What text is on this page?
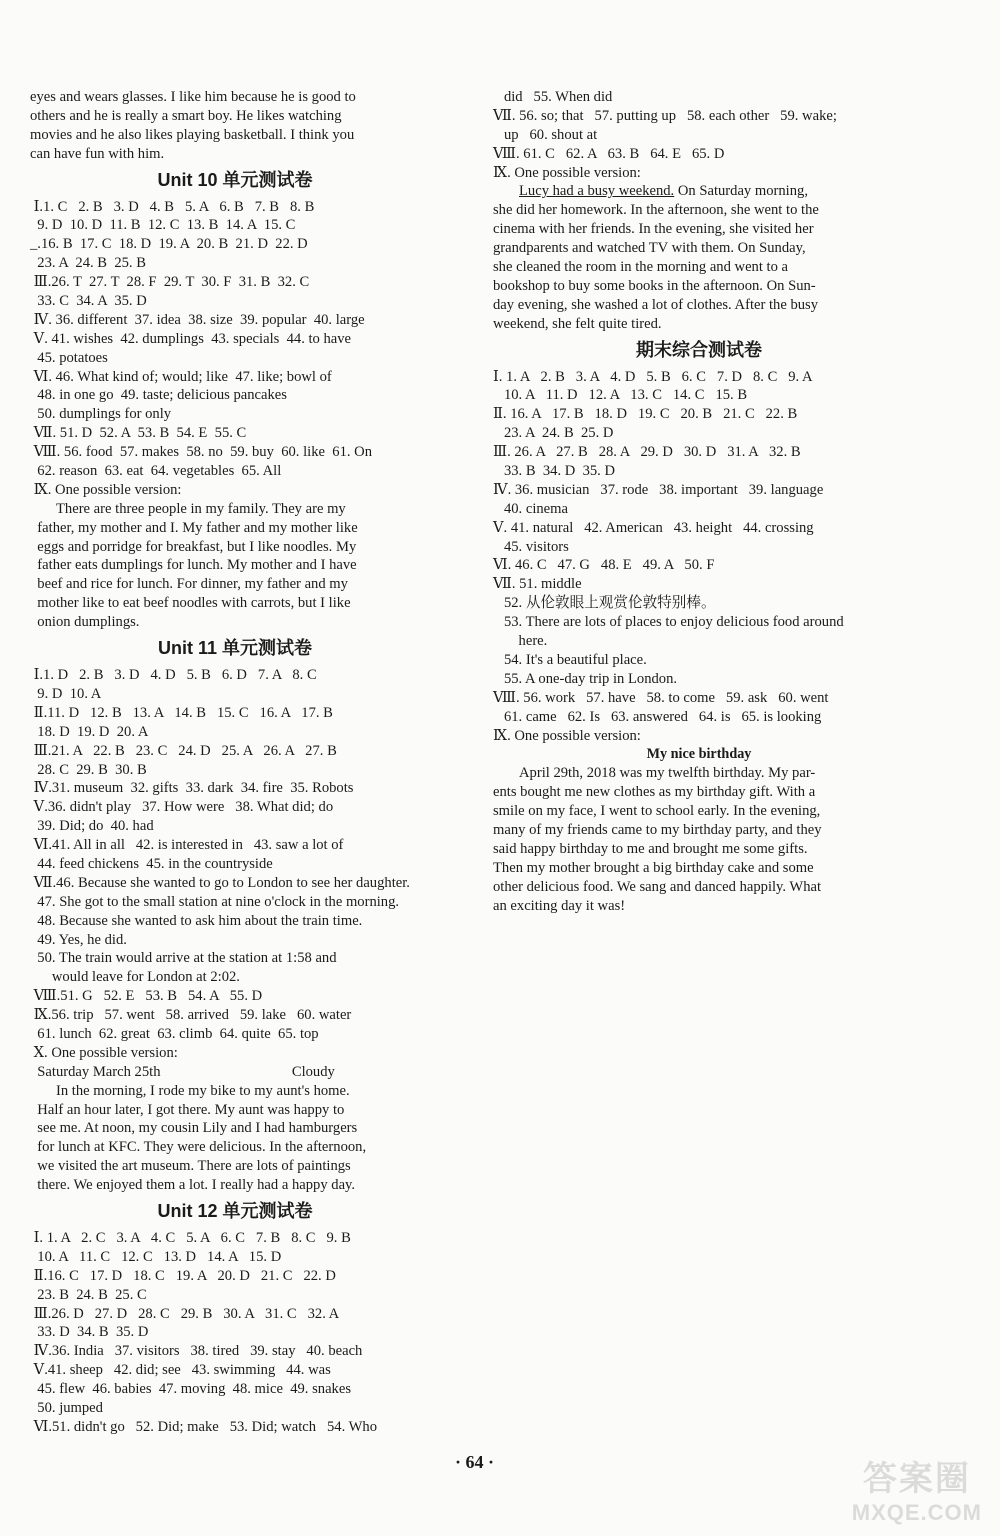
eyes and wears glasses. I like him because he is good to
others and he is really a smart boy. He likes watching
movies and he also likes playing basketball. I think you
can have fun with him.
Unit 10 单元测试卷
Ⅰ.1. C   2. B   3. D   4. B   5. A   6. B   7. B   8. B
9. D  10. D  11. B  12. C  13. B  14. A  15. C
_.16. B  17. C  18. D  19. A  20. B  21. D  22. D
23. A  24. B  25. B
Ⅲ.26. T  27. T  28. F  29. T  30. F  31. B  32. C
33. C  34. A  35. D
Ⅳ. 36. different  37. idea  38. size  39. popular  40. large
Ⅴ. 41. wishes  42. dumplings  43. specials  44. to have
45. potatoes
Ⅵ. 46. What kind of; would; like  47. like; bowl of
48. in one go  49. taste; delicious pancakes
50. dumplings for only
Ⅶ. 51. D  52. A  53. B  54. E  55. C
Ⅷ. 56. food  57. makes  58. no  59. buy  60. like  61. On
62. reason  63. eat  64. vegetables  65. All
Ⅸ. One possible version:
There are three people in my family. They are my
father, my mother and I. My father and my mother like
eggs and porridge for breakfast, but I like noodles. My
father eats dumplings for lunch. My mother and I have
beef and rice for lunch. For dinner, my father and my
mother like to eat beef noodles with carrots, but I like
onion dumplings.
Unit 11 单元测试卷
Ⅰ.1. D   2. B   3. D   4. D   5. B   6. D   7. A   8. C
9. D  10. A
Ⅱ.11. D   12. B   13. A   14. B   15. C   16. A   17. B
18. D  19. D  20. A
Ⅲ.21. A   22. B   23. C   24. D   25. A   26. A   27. B
28. C  29. B  30. B
Ⅳ.31. museum  32. gifts  33. dark  34. fire  35. Robots
Ⅴ.36. didn't play   37. How were   38. What did; do
39. Did; do  40. had
Ⅵ.41. All in all   42. is interested in   43. saw a lot of
44. feed chickens  45. in the countryside
Ⅶ.46. Because she wanted to go to London to see her daughter.
47. She got to the small station at nine o'clock in the morning.
48. Because she wanted to ask him about the train time.
49. Yes, he did.
50. The train would arrive at the station at 1:58 and
would leave for London at 2:02.
Ⅷ.51. G   52. E   53. B   54. A   55. D
Ⅸ.56. trip   57. went   58. arrived   59. lake   60. water
61. lunch  62. great  63. climb  64. quite  65. top
Ⅹ. One possible version:
Saturday March 25th                                    Cloudy
In the morning, I rode my bike to my aunt's home.
Half an hour later, I got there. My aunt was happy to
see me. At noon, my cousin Lily and I had hamburgers
for lunch at KFC. They were delicious. In the afternoon,
we visited the art museum. There are lots of paintings
there. We enjoyed them a lot. I really had a happy day.
Unit 12 单元测试卷
Ⅰ. 1. A   2. C   3. A   4. C   5. A   6. C   7. B   8. C   9. B
10. A   11. C   12. C   13. D   14. A   15. D
Ⅱ.16. C   17. D   18. C   19. A   20. D   21. C   22. D
23. B  24. B  25. C
Ⅲ.26. D   27. D   28. C   29. B   30. A   31. C   32. A
33. D  34. B  35. D
Ⅳ.36. India   37. visitors   38. tired   39. stay   40. beach
Ⅴ.41. sheep   42. did; see   43. swimming   44. was
45. flew  46. babies  47. moving  48. mice  49. snakes
50. jumped
Ⅵ.51. didn't go   52. Did; make   53. Did; watch   54. Who
did   55. When did
Ⅶ. 56. so; that   57. putting up   58. each other   59. wake;
up   60. shout at
Ⅷ. 61. C   62. A   63. B   64. E   65. D
Ⅸ. One possible version:
Lucy had a busy weekend. On Saturday morning,
she did her homework. In the afternoon, she went to the
cinema with her friends. In the evening, she visited her
grandparents and watched TV with them. On Sunday,
she cleaned the room in the morning and went to a
bookshop to buy some books in the afternoon. On Sun-
day evening, she washed a lot of clothes. After the busy
weekend, she felt quite tired.
期末综合测试卷
Ⅰ. 1. A   2. B   3. A   4. D   5. B   6. C   7. D   8. C   9. A
10. A   11. D   12. A   13. C   14. C   15. B
Ⅱ. 16. A   17. B   18. D   19. C   20. B   21. C   22. B
23. A  24. B  25. D
Ⅲ. 26. A   27. B   28. A   29. D   30. D   31. A   32. B
33. B  34. D  35. D
Ⅳ. 36. musician   37. rode   38. important   39. language
40. cinema
Ⅴ. 41. natural   42. American   43. height   44. crossing
45. visitors
Ⅵ. 46. C   47. G   48. E   49. A   50. F
Ⅶ. 51. middle
52. 从伦敦眼上观赏伦敦特别棒。
53. There are lots of places to enjoy delicious food around
here.
54. It's a beautiful place.
55. A one-day trip in London.
Ⅷ. 56. work   57. have   58. to come   59. ask   60. went
61. came   62. Is   63. answered   64. is   65. is looking
Ⅸ. One possible version:
My nice birthday
April 29th, 2018 was my twelfth birthday. My par-
ents bought me new clothes as my birthday gift. With a
smile on my face, I went to school early. In the evening,
many of my friends came to my birthday party, and they
said happy birthday to me and brought me some gifts.
Then my mother brought a big birthday cake and some
other delicious food. We sang and danced happily. What
an exciting day it was!
· 64 ·	答案圈
MXQE.COM
